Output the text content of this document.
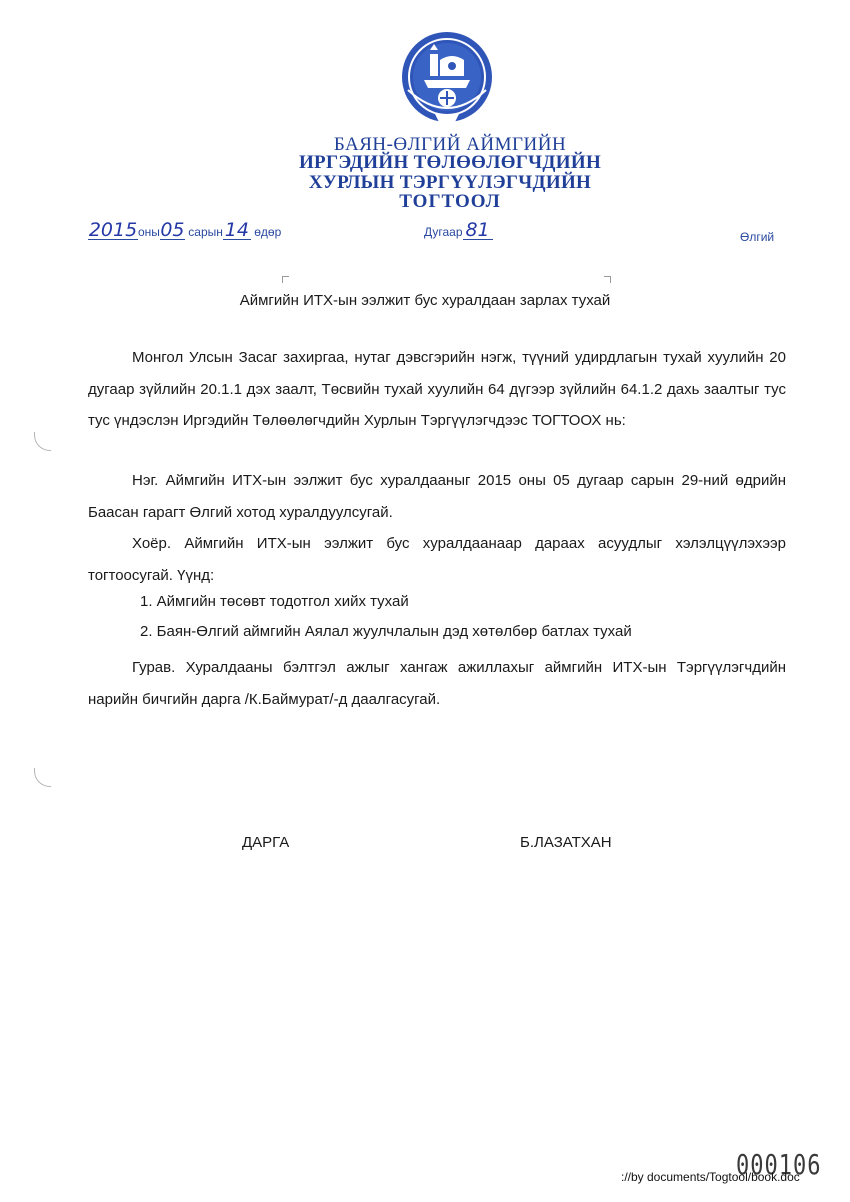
БАЯН-ӨЛГИЙ АЙМГИЙН
ИРГЭДИЙН ТӨЛӨӨЛӨГЧДИЙН
ХУРЛЫН ТЭРГҮҮЛЭГЧДИЙН
ТОГТООЛ
2015оны05 сарын 14 өдөр	Дугаар 81	Өлгий
Аймгийн ИТХ-ын ээлжит бус хуралдаан зарлах тухай
Монгол Улсын Засаг захиргаа, нутаг дэвсгэрийн нэгж, түүний удирдлагын тухай хуулийн 20 дугаар зүйлийн 20.1.1 дэх заалт, Төсвийн тухай хуулийн 64 дүгээр зүйлийн 64.1.2 дахь заалтыг тус тус үндэслэн Иргэдийн Төлөөлөгчдийн Хурлын Тэргүүлэгчдээс ТОГТООХ нь:
Нэг. Аймгийн ИТХ-ын ээлжит бус хуралдааныг 2015 оны 05 дугаар сарын 29-ний өдрийн Баасан гарагт Өлгий хотод хуралдуулсугай.
Хоёр. Аймгийн ИТХ-ын ээлжит бус хуралдаанаар дараах асуудлыг хэлэлцүүлэхээр тогтоосугай. Үүнд:
1. Аймгийн төсөвт тодотгол хийх тухай
2. Баян-Өлгий аймгийн Аялал жуулчлалын дэд хөтөлбөр батлах тухай
Гурав. Хуралдааны бэлтгэл ажлыг хангаж ажиллахыг аймгийн ИТХ-ын Тэргүүлэгчдийн нарийн бичгийн дарга /К.Баймурат/-д даалгасугай.
ДАРГА	Б.ЛАЗАТХАН
000106
://by documents/Togtool/book.doc
